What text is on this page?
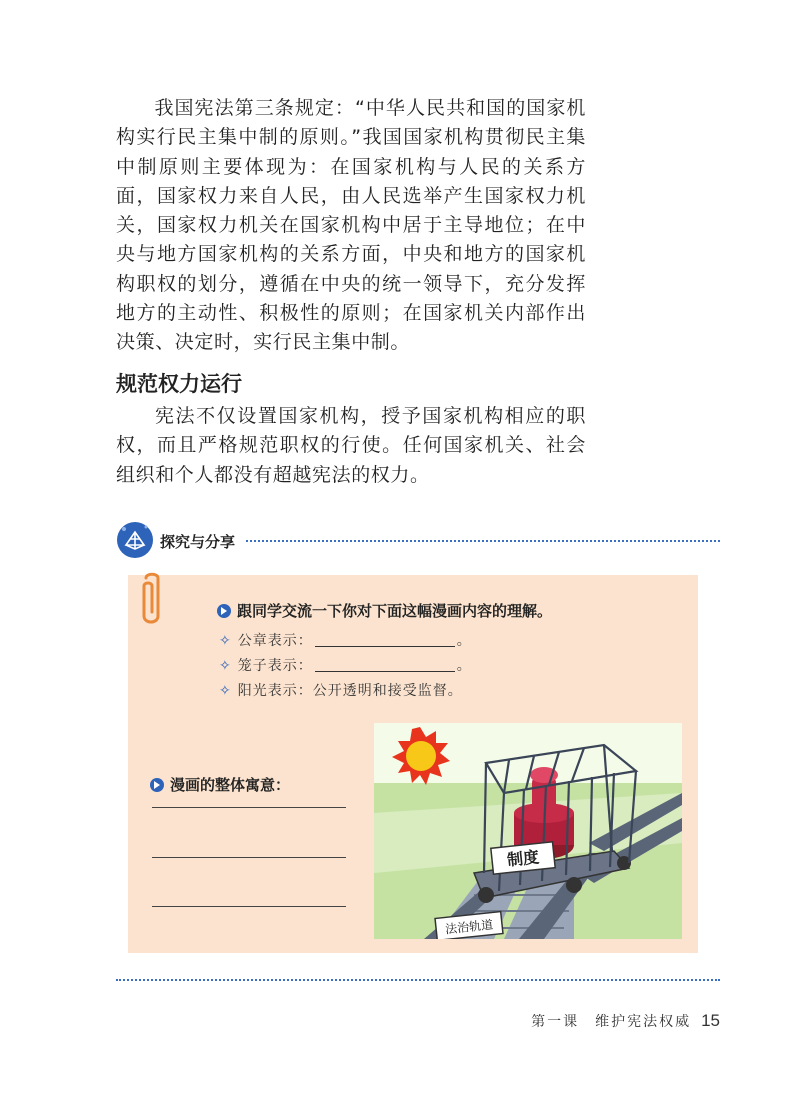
我国宪法第三条规定：“中华人民共和国的国家机构实行民主集中制的原则。”我国国家机构贯彻民主集中制原则主要体现为：在国家机构与人民的关系方面，国家权力来自人民，由人民选举产生国家权力机关，国家权力机关在国家机构中居于主导地位；在中央与地方国家机构的关系方面，中央和地方的国家机构职权的划分，遵循在中央的统一领导下，充分发挥地方的主动性、积极性的原则；在国家机关内部作出决策、决定时，实行民主集中制。

规范权力运行

宪法不仅设置国家机构，授予国家机构相应的职权，而且严格规范职权的行使。任何国家机关、社会组织和个人都没有超越宪法的权力。

探究与分享
跟同学交流一下你对下面这幅漫画内容的理解。
✧ 公章表示：	。
✧ 笼子表示：	。
✧ 阳光表示：公开透明和接受监督。
漫画的整体寓意：
法治轨道
制度
第一课　维护宪法权威 15
